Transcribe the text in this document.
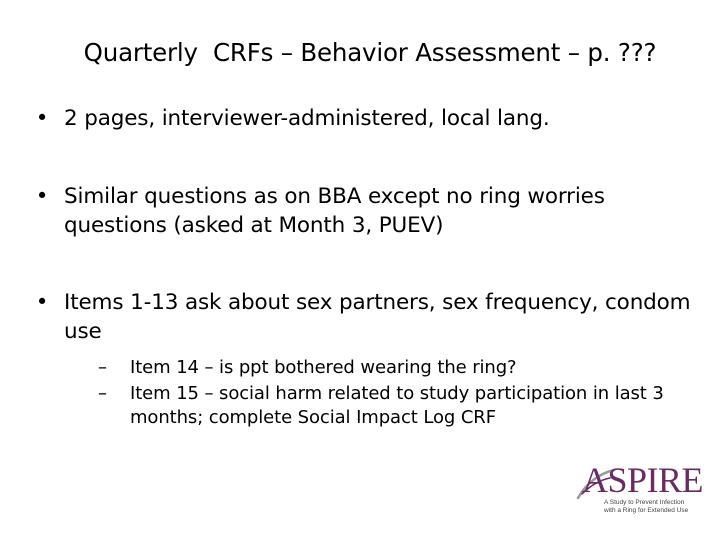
Quarterly  CRFs – Behavior Assessment – p. ???
• 2 pages, interviewer-administered, local lang.
• Similar questions as on BBA except no ring worries questions (asked at Month 3, PUEV)
• Items 1-13 ask about sex partners, sex frequency, condom use
–	Item 14 – is ppt bothered wearing the ring?
–	Item 15 – social harm related to study participation in last 3 months; complete Social Impact Log CRF
ASPIRE
A Study to Prevent Infection with a Ring for Extended Use
